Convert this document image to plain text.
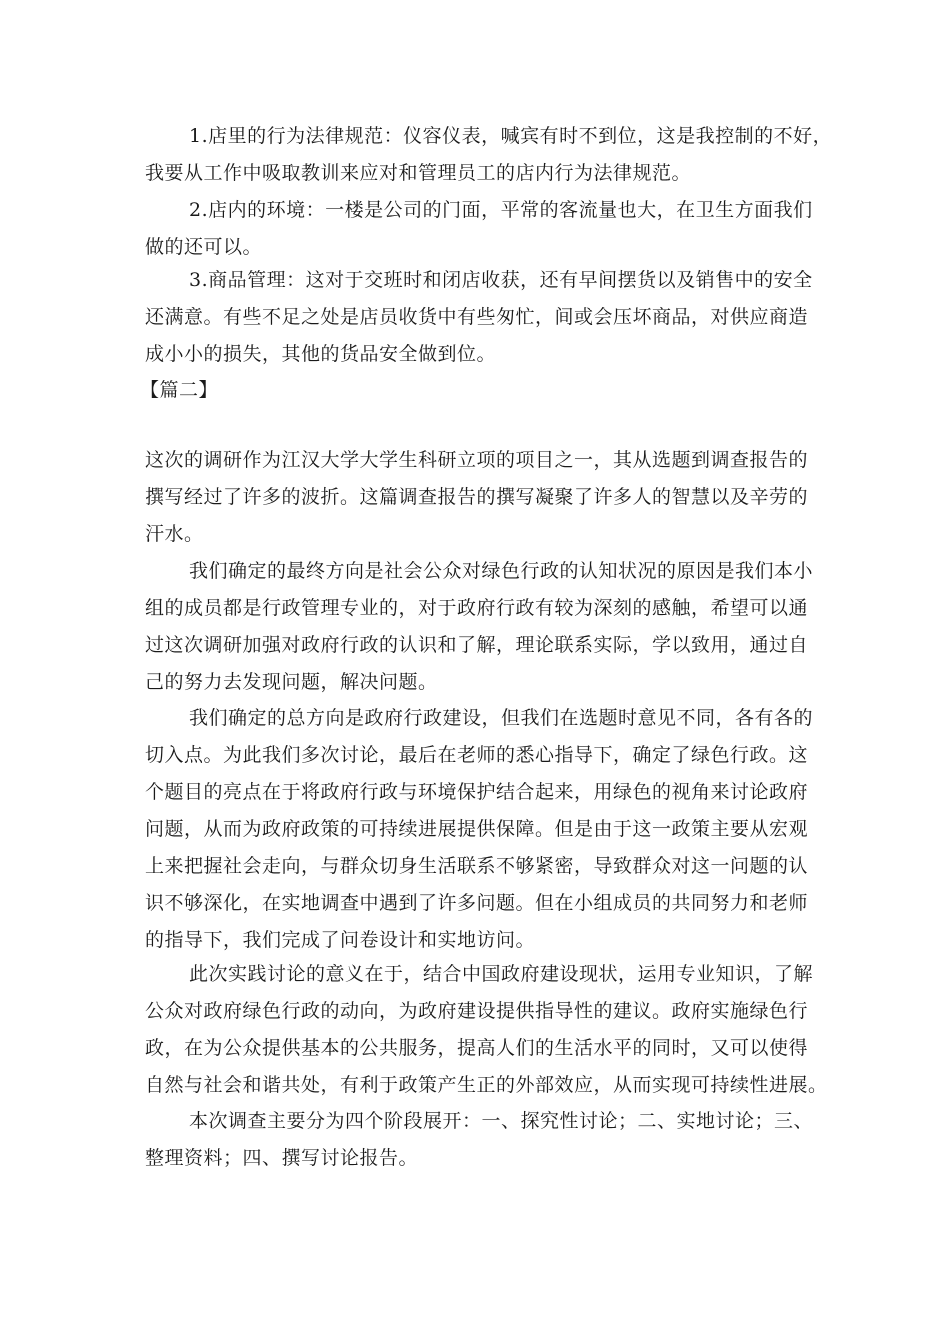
1.店里的行为法律规范：仪容仪表，喊宾有时不到位，这是我控制的不好，
我要从工作中吸取教训来应对和管理员工的店内行为法律规范。
2.店内的环境：一楼是公司的门面，平常的客流量也大，在卫生方面我们
做的还可以。
3.商品管理：这对于交班时和闭店收获，还有早间摆货以及销售中的安全
还满意。有些不足之处是店员收货中有些匆忙，间或会压坏商品，对供应商造
成小小的损失，其他的货品安全做到位。
【篇二】
这次的调研作为江汉大学大学生科研立项的项目之一，其从选题到调查报告的
撰写经过了许多的波折。这篇调查报告的撰写凝聚了许多人的智慧以及辛劳的
汗水。
我们确定的最终方向是社会公众对绿色行政的认知状况的原因是我们本小
组的成员都是行政管理专业的，对于政府行政有较为深刻的感触，希望可以通
过这次调研加强对政府行政的认识和了解，理论联系实际，学以致用，通过自
己的努力去发现问题，解决问题。
我们确定的总方向是政府行政建设，但我们在选题时意见不同，各有各的
切入点。为此我们多次讨论，最后在老师的悉心指导下，确定了绿色行政。这
个题目的亮点在于将政府行政与环境保护结合起来，用绿色的视角来讨论政府
问题，从而为政府政策的可持续进展提供保障。但是由于这一政策主要从宏观
上来把握社会走向，与群众切身生活联系不够紧密，导致群众对这一问题的认
识不够深化，在实地调查中遇到了许多问题。但在小组成员的共同努力和老师
的指导下，我们完成了问卷设计和实地访问。
此次实践讨论的意义在于，结合中国政府建设现状，运用专业知识，了解
公众对政府绿色行政的动向，为政府建设提供指导性的建议。政府实施绿色行
政，在为公众提供基本的公共服务，提高人们的生活水平的同时，又可以使得
自然与社会和谐共处，有利于政策产生正的外部效应，从而实现可持续性进展。
本次调查主要分为四个阶段展开：一、探究性讨论；二、实地讨论；三、
整理资料；四、撰写讨论报告。
